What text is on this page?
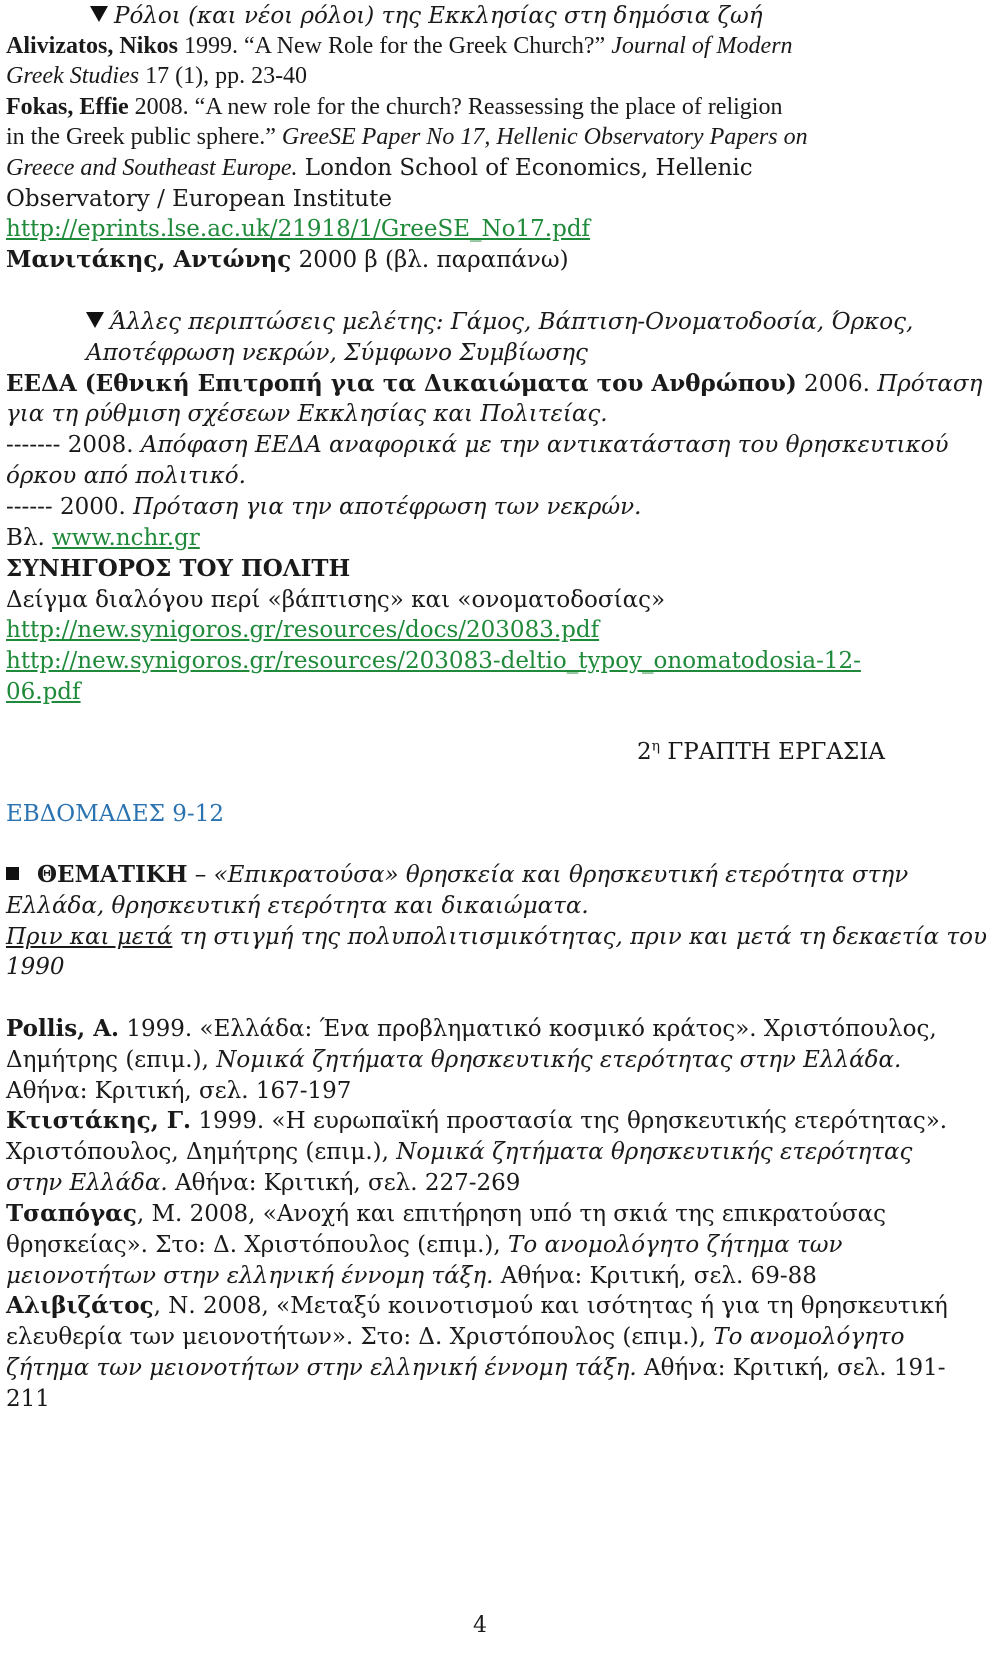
Ρόλοι (και νέοι ρόλοι) της Εκκλησίας στη δημόσια ζωή
Alivizatos, Nikos 1999. “A New Role for the Greek Church?” Journal of Modern
Greek Studies 17 (1), pp. 23-40
Fokas, Effie 2008. “A new role for the church? Reassessing the place of religion
in the Greek public sphere.” GreeSE Paper No 17, Hellenic Observatory Papers on
Greece and Southeast Europe. London School of Economics, Hellenic
Observatory / European Institute
http://eprints.lse.ac.uk/21918/1/GreeSE_No17.pdf
Μανιτάκης, Αντώνης 2000 β (βλ. παραπάνω)
Άλλες περιπτώσεις μελέτης: Γάμος, Βάπτιση-Ονοματοδοσία, Όρκος,
Αποτέφρωση νεκρών, Σύμφωνο Συμβίωσης
ΕΕΔΑ (Εθνική Επιτροπή για τα Δικαιώματα του Ανθρώπου) 2006. Πρόταση
για τη ρύθμιση σχέσεων Εκκλησίας και Πολιτείας.
------- 2008. Απόφαση ΕΕΔΑ αναφορικά με την αντικατάσταση του θρησκευτικού
όρκου από πολιτικό.
------ 2000. Πρόταση για την αποτέφρωση των νεκρών.
Βλ. www.nchr.gr
ΣΥΝΗΓΟΡΟΣ ΤΟΥ ΠΟΛΙΤΗ
Δείγμα διαλόγου περί «βάπτισης» και «ονοματοδοσίας»
http://new.synigoros.gr/resources/docs/203083.pdf
http://new.synigoros.gr/resources/203083-deltio_typoy_onomatodosia-12-
06.pdf
$2^\eta$ ΓΡΑΠΤΗ ΕΡΓΑΣΙΑ
ΕΒΔΟΜΑΔΕΣ 9-12
ΘΕΜΑΤΙΚΗ – «Επικρατούσα» θρησκεία και θρησκευτική ετερότητα στην
Ελλάδα, θρησκευτική ετερότητα και δικαιώματα.
Πριν και μετά τη στιγμή της πολυπολιτισμικότητας, πριν και μετά τη δεκαετία του
1990
Pollis, A. 1999. «Ελλάδα: Ένα προβληματικό κοσμικό κράτος». Χριστόπουλος,
Δημήτρης (επιμ.), Νομικά ζητήματα θρησκευτικής ετερότητας στην Ελλάδα.
Αθήνα: Κριτική, σελ. 167-197
Κτιστάκης, Γ. 1999. «Η ευρωπαϊκή προστασία της θρησκευτικής ετερότητας».
Χριστόπουλος, Δημήτρης (επιμ.), Νομικά ζητήματα θρησκευτικής ετερότητας
στην Ελλάδα. Αθήνα: Κριτική, σελ. 227-269
Τσαπόγας, Μ. 2008, «Ανοχή και επιτήρηση υπό τη σκιά της επικρατούσας
θρησκείας». Στο: Δ. Χριστόπουλος (επιμ.), Το ανομολόγητο ζήτημα των
μειονοτήτων στην ελληνική έννομη τάξη. Αθήνα: Κριτική, σελ. 69-88
Αλιβιζάτος, Ν. 2008, «Μεταξύ κοινοτισμού και ισότητας ή για τη θρησκευτική
ελευθερία των μειονοτήτων». Στο: Δ. Χριστόπουλος (επιμ.), Το ανομολόγητο
ζήτημα των μειονοτήτων στην ελληνική έννομη τάξη. Αθήνα: Κριτική, σελ. 191-
211
4
